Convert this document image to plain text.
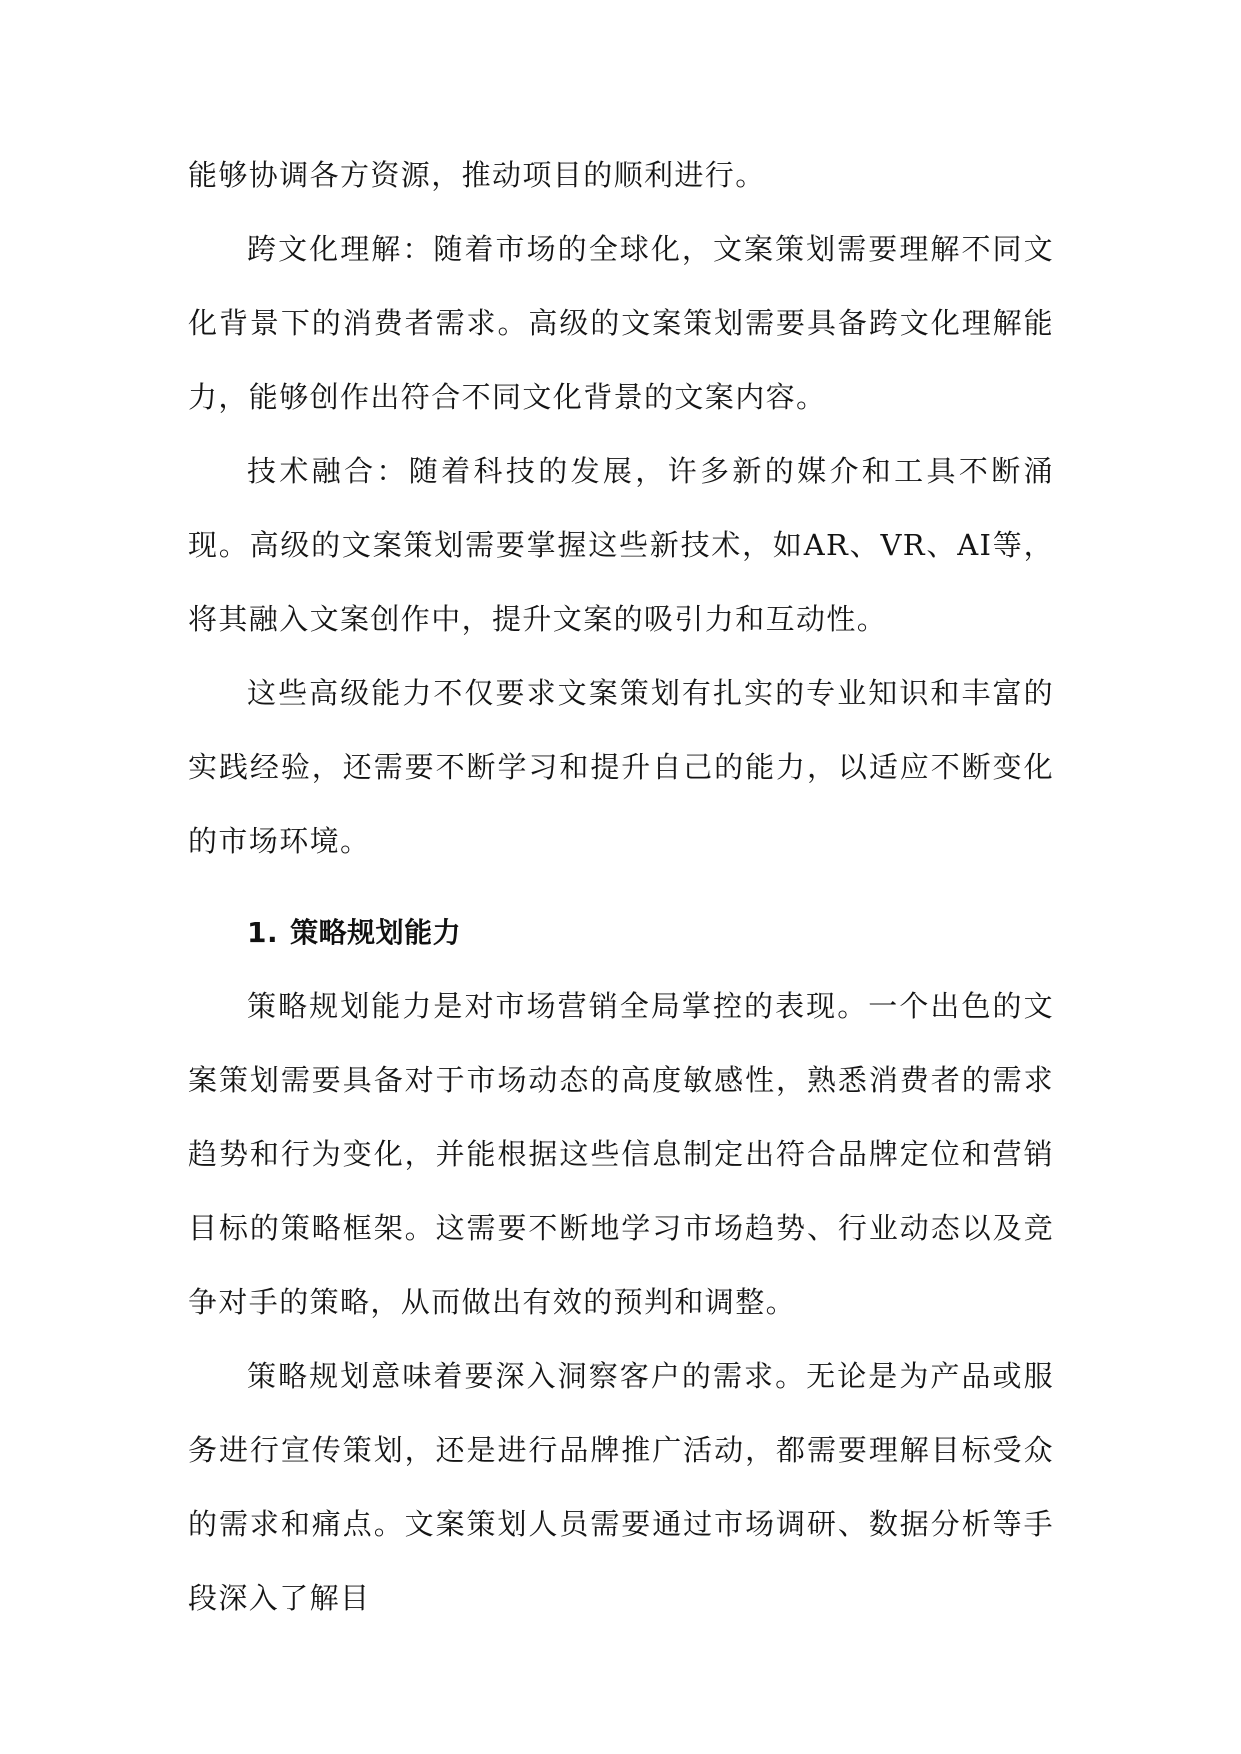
能够协调各方资源，推动项目的顺利进行。

跨文化理解：随着市场的全球化，文案策划需要理解不同文化背景下的消费者需求。高级的文案策划需要具备跨文化理解能力，能够创作出符合不同文化背景的文案内容。

技术融合：随着科技的发展，许多新的媒介和工具不断涌现。高级的文案策划需要掌握这些新技术，如AR、VR、AI等，将其融入文案创作中，提升文案的吸引力和互动性。

这些高级能力不仅要求文案策划有扎实的专业知识和丰富的实践经验，还需要不断学习和提升自己的能力，以适应不断变化的市场环境。

1. 策略规划能力

策略规划能力是对市场营销全局掌控的表现。一个出色的文案策划需要具备对于市场动态的高度敏感性，熟悉消费者的需求趋势和行为变化，并能根据这些信息制定出符合品牌定位和营销目标的策略框架。这需要不断地学习市场趋势、行业动态以及竞争对手的策略，从而做出有效的预判和调整。

策略规划意味着要深入洞察客户的需求。无论是为产品或服务进行宣传策划，还是进行品牌推广活动，都需要理解目标受众的需求和痛点。文案策划人员需要通过市场调研、数据分析等手段深入了解目
